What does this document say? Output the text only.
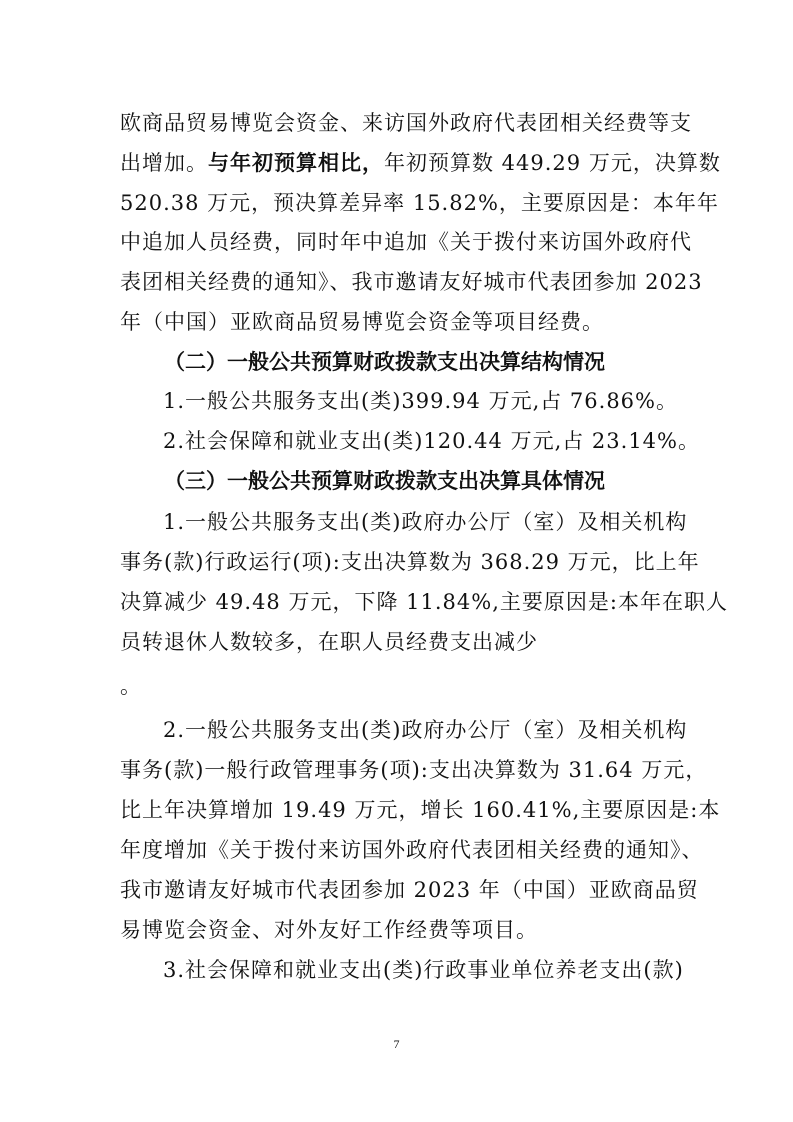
欧商品贸易博览会资金、来访国外政府代表团相关经费等支
出增加。与年初预算相比，年初预算数 449.29 万元，决算数
520.38 万元，预决算差异率 15.82%，主要原因是：本年年
中追加人员经费，同时年中追加《关于拨付来访国外政府代
表团相关经费的通知》、我市邀请友好城市代表团参加 2023
年（中国）亚欧商品贸易博览会资金等项目经费。
（二）一般公共预算财政拨款支出决算结构情况
1.一般公共服务支出(类)399.94 万元,占 76.86%。
2.社会保障和就业支出(类)120.44 万元,占 23.14%。
（三）一般公共预算财政拨款支出决算具体情况
1.一般公共服务支出(类)政府办公厅（室）及相关机构
事务(款)行政运行(项):支出决算数为 368.29 万元，比上年
决算减少 49.48 万元，下降 11.84%,主要原因是:本年在职人
员转退休人数较多，在职人员经费支出减少
。
2.一般公共服务支出(类)政府办公厅（室）及相关机构
事务(款)一般行政管理事务(项):支出决算数为 31.64 万元，
比上年决算增加 19.49 万元，增长 160.41%,主要原因是:本
年度增加《关于拨付来访国外政府代表团相关经费的通知》、
我市邀请友好城市代表团参加 2023 年（中国）亚欧商品贸
易博览会资金、对外友好工作经费等项目。
3.社会保障和就业支出(类)行政事业单位养老支出(款)
7
